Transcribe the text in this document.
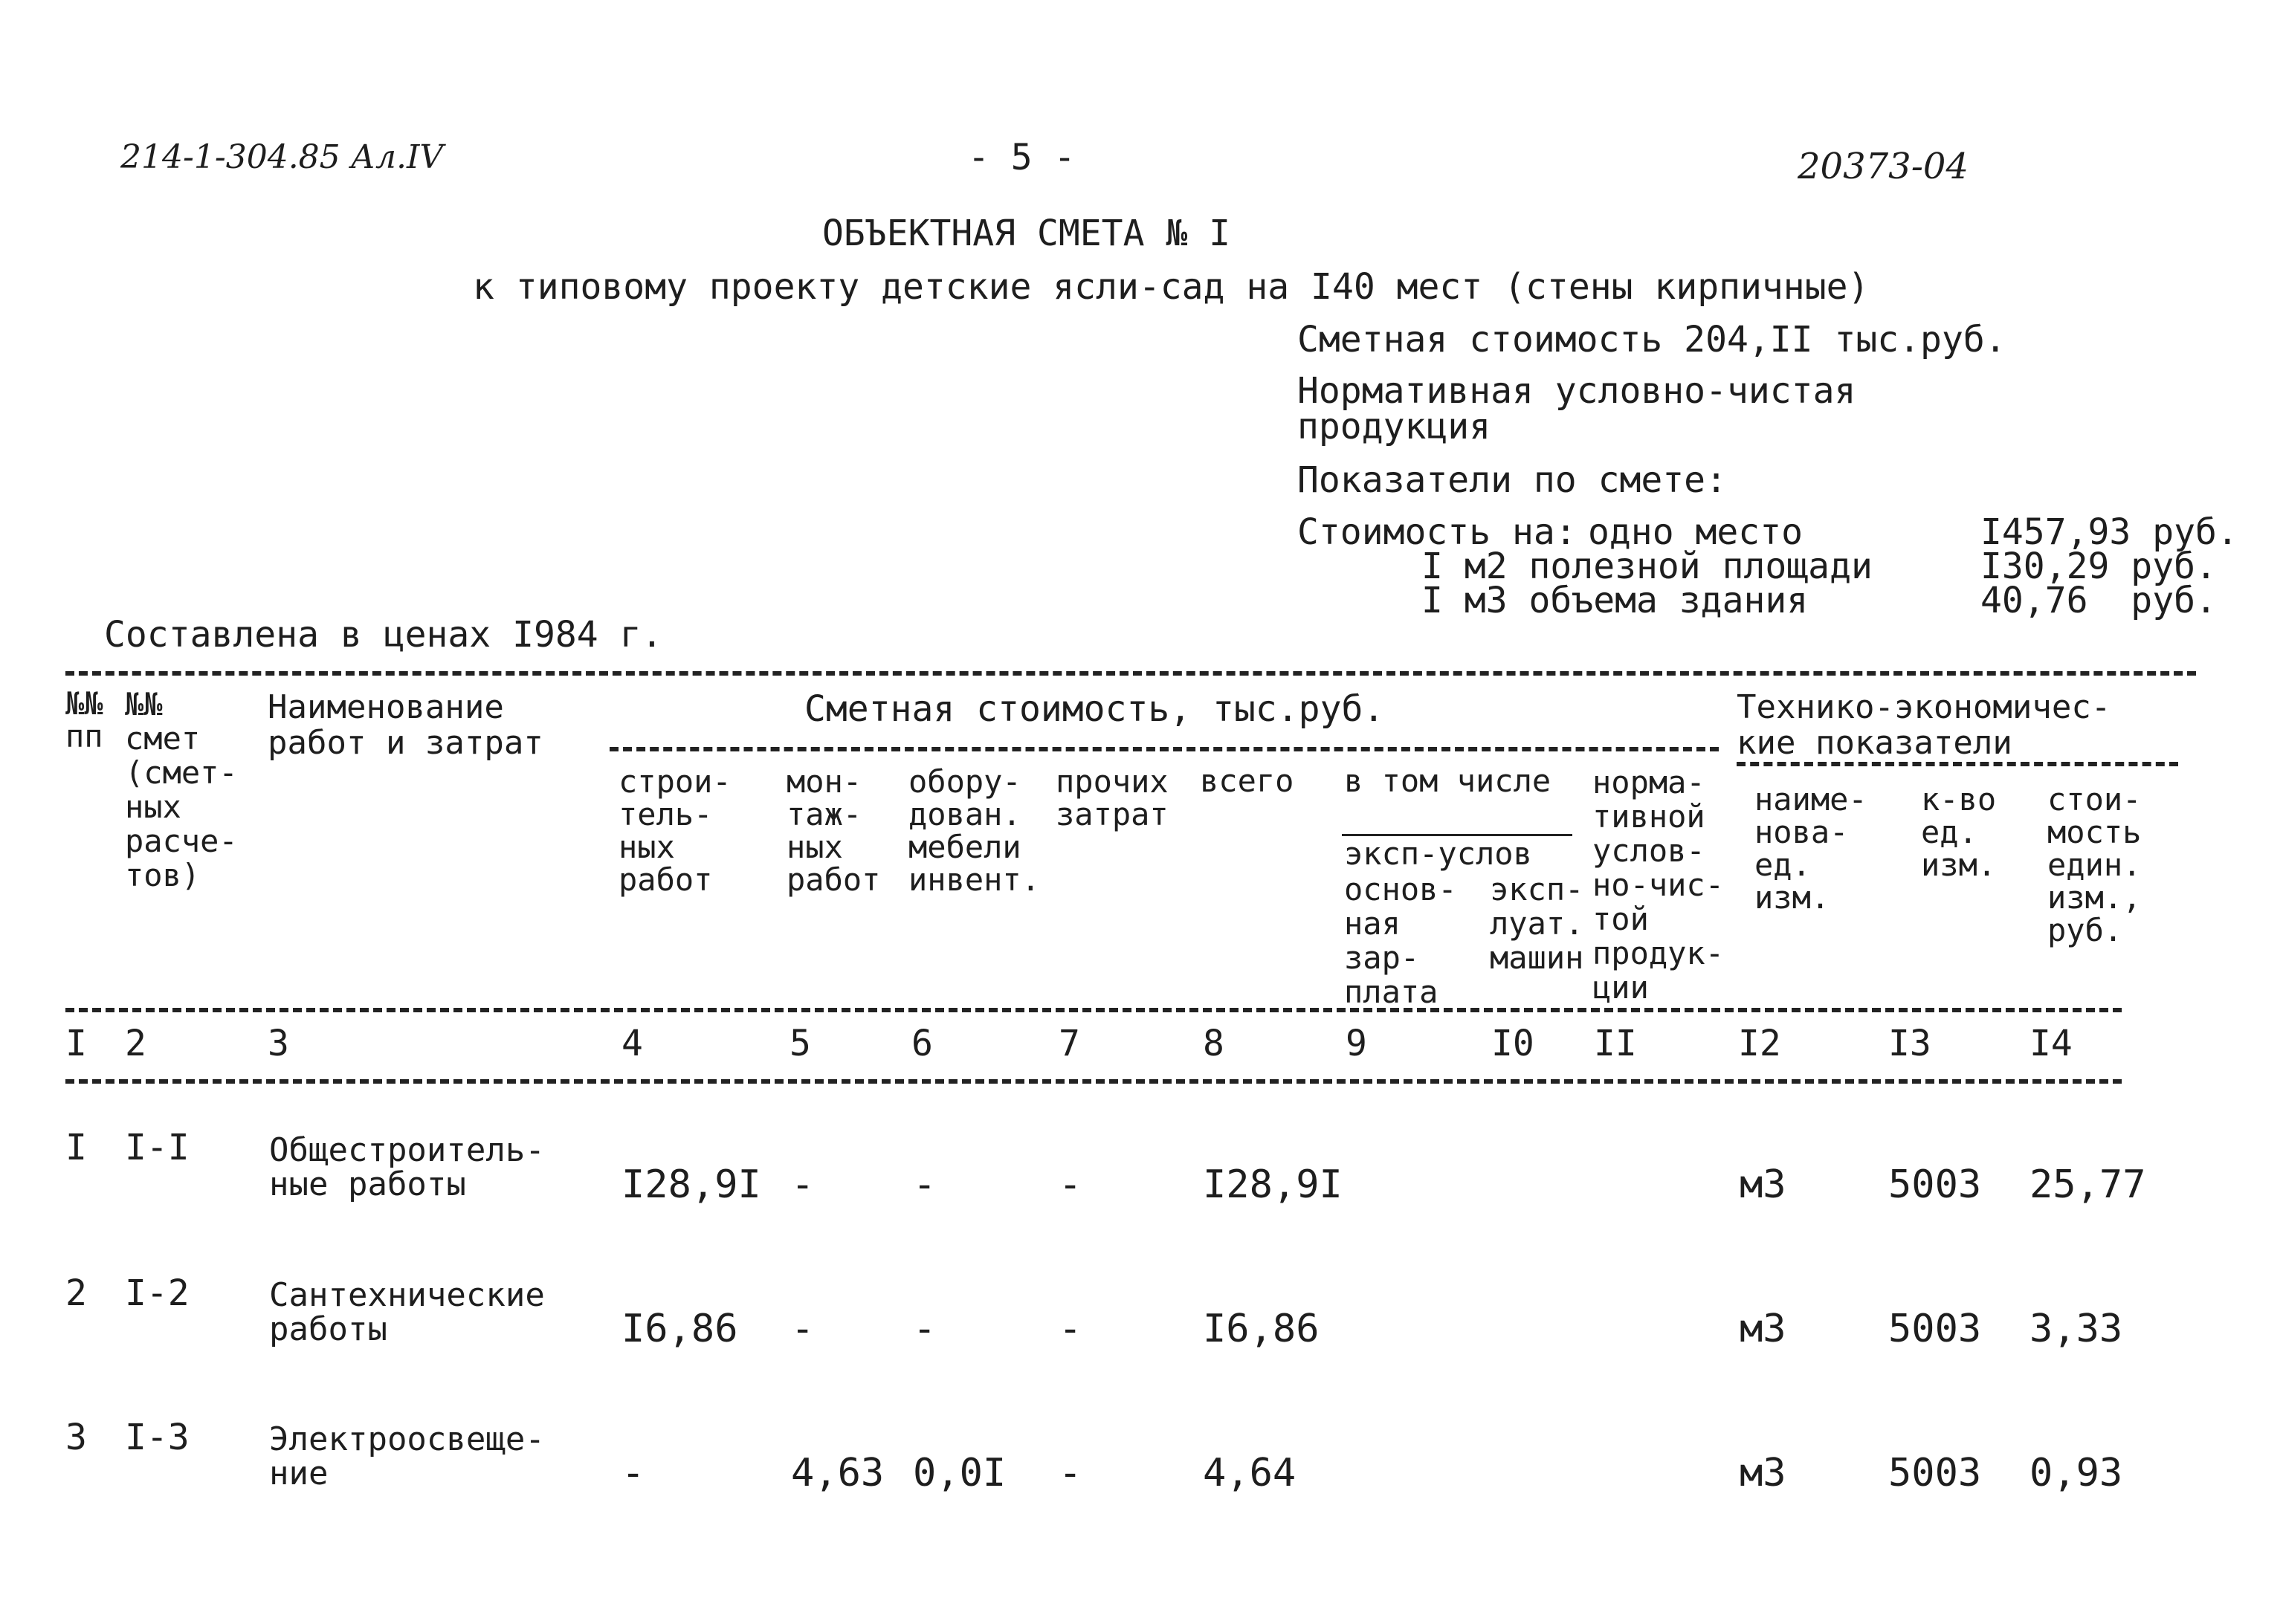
214-1-304.85 Ал.IV	- 5 -	20373-04
ОБЪЕКТНАЯ СМЕТА № I
к типовому проекту детские ясли-сад на I40 мест (стены кирпичные)
Сметная стоимость 204,II тыс.руб.
Нормативная условно-чистая
продукция
Показатели по смете:
Стоимость на: одно место	I457,93 руб.
I м2 полезной площади	I30,29 руб.
I м3 объема здания	40,76  руб.
Составлена в ценах I984 г.
№№
пп
№№
смет
(смет-
ных
расче-
тов)
Наименование
работ и затрат
Сметная стоимость, тыс.руб.	Технико-экономичес-
кие показатели
строи-
тель-
ных
работ
мон-
таж-
ных
работ
обору-
дован.
мебели
инвент.
прочих
затрат
всего в том числе
эксп-услов
основ-
ная
зар-
плата
эксп-
луат.
машин
норма-
тивной
услов-
но-чис-
той
продук-
ции
наиме-
нова-
ед.
изм.
к-во
ед.
изм.
стои-
мость
един.
изм.,
руб.
I 2	3	4	5	6	7	8	9	I0 II	I2	I3	I4
I I-I Общестроитель-
ные работы	I28,9I -	-	-	I28,9I	м3	5003 25,77
2 I-2 Сантехнические
работы	I6,86 -	-	-	I6,86	м3	5003 3,33
3 I-3 Электроосвеще-
ние	-	4,63 0,0I -	4,64	м3	5003 0,93
